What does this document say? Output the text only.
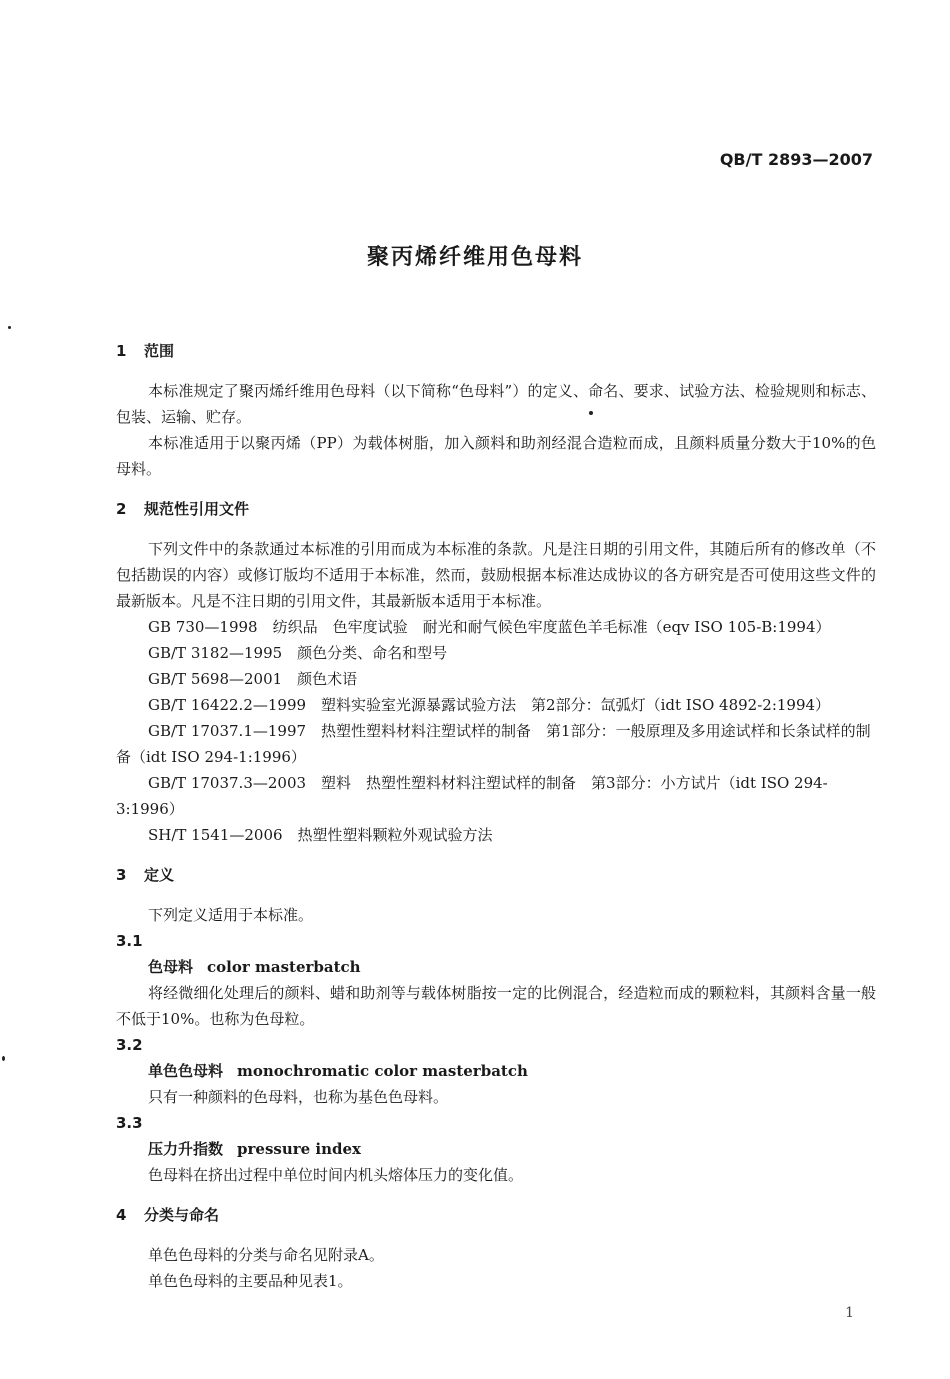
QB/T 2893—2007
聚丙烯纤维用色母料
1 范围

本标准规定了聚丙烯纤维用色母料（以下简称“色母料”）的定义、命名、要求、试验方法、检验规则和标志、包装、运输、贮存。

本标准适用于以聚丙烯（PP）为载体树脂，加入颜料和助剂经混合造粒而成，且颜料质量分数大于10%的色母料。

2 规范性引用文件

下列文件中的条款通过本标准的引用而成为本标准的条款。凡是注日期的引用文件，其随后所有的修改单（不包括勘误的内容）或修订版均不适用于本标准，然而，鼓励根据本标准达成协议的各方研究是否可使用这些文件的最新版本。凡是不注日期的引用文件，其最新版本适用于本标准。

GB 730—1998　纺织品　色牢度试验　耐光和耐气候色牢度蓝色羊毛标准（eqv ISO 105-B:1994）

GB/T 3182—1995　颜色分类、命名和型号

GB/T 5698—2001　颜色术语

GB/T 16422.2—1999　塑料实验室光源暴露试验方法　第2部分：氙弧灯（idt ISO 4892-2:1994）

GB/T 17037.1—1997　热塑性塑料材料注塑试样的制备　第1部分：一般原理及多用途试样和长条试样的制备（idt ISO 294-1:1996）

GB/T 17037.3—2003　塑料　热塑性塑料材料注塑试样的制备　第3部分：小方试片（idt ISO 294-3:1996）

SH/T 1541—2006　热塑性塑料颗粒外观试验方法

3 定义

下列定义适用于本标准。

3.1

色母料 color masterbatch

将经微细化处理后的颜料、蜡和助剂等与载体树脂按一定的比例混合，经造粒而成的颗粒料，其颜料含量一般不低于10%。也称为色母粒。

3.2

单色色母料 monochromatic color masterbatch

只有一种颜料的色母料，也称为基色色母料。

3.3

压力升指数 pressure index

色母料在挤出过程中单位时间内机头熔体压力的变化值。

4 分类与命名

单色色母料的分类与命名见附录A。

单色色母料的主要品种见表1。

1
